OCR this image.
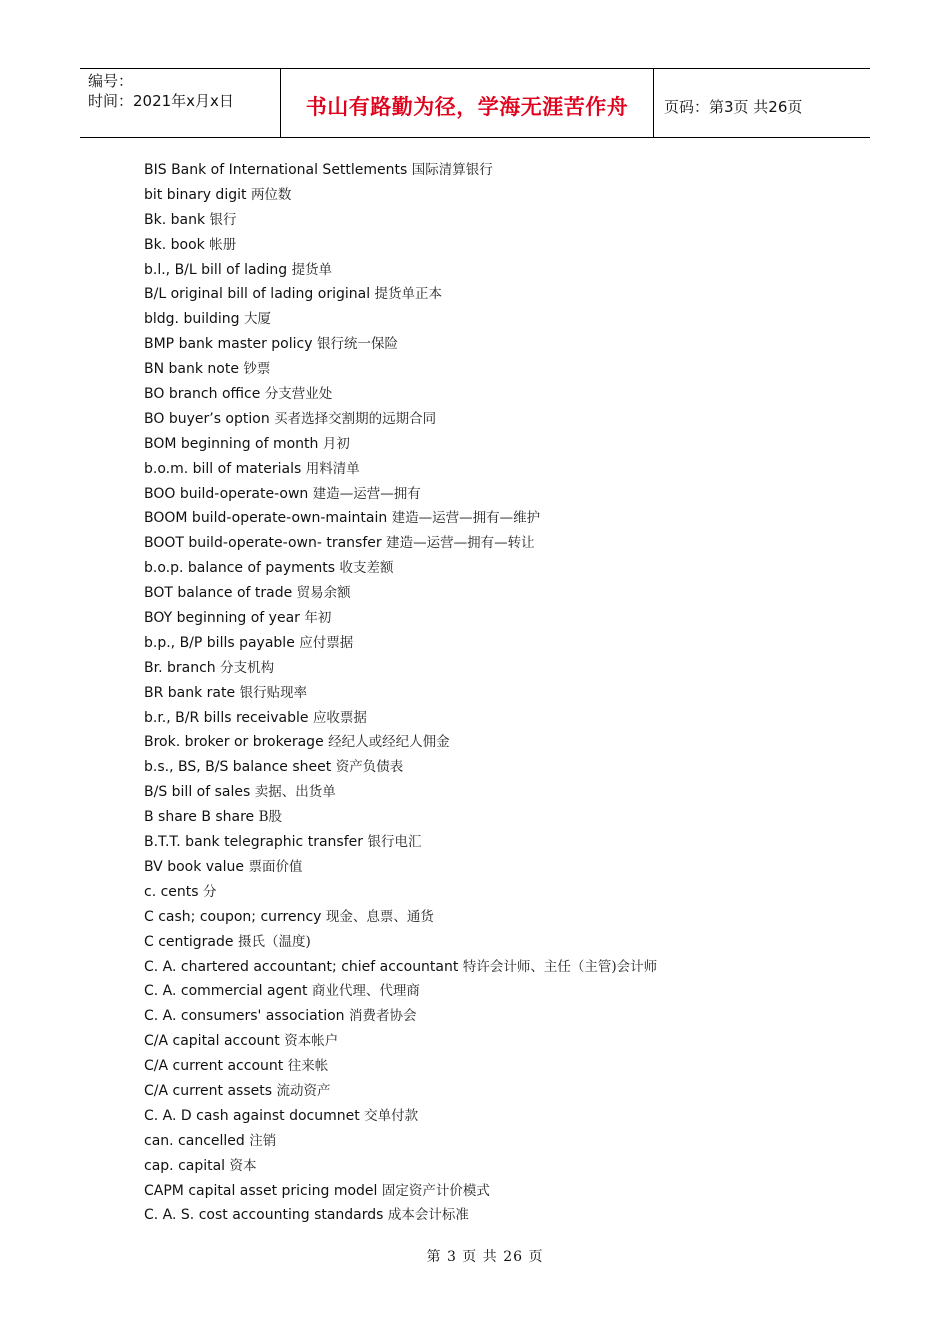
编号：
时间：2021年x月x日	书山有路勤为径，学海无涯苦作舟 页码：第3页 共26页
BIS Bank of International Settlements 国际清算银行
bit binary digit 两位数
Bk. bank 银行
Bk. book 帐册
b.l., B/L bill of lading 提货单
B/L original bill of lading original 提货单正本
bldg. building 大厦
BMP bank master policy 银行统一保险
BN bank note 钞票
BO branch office 分支营业处
BO buyer’s option 买者选择交割期的远期合同
BOM beginning of month 月初
b.o.m. bill of materials 用料清单
BOO build-operate-own 建造—运营—拥有
BOOM build-operate-own-maintain 建造—运营—拥有—维护
BOOT build-operate-own- transfer 建造—运营—拥有—转让
b.o.p. balance of payments 收支差额
BOT balance of trade 贸易余额
BOY beginning of year 年初
b.p., B/P bills payable 应付票据
Br. branch 分支机构
BR bank rate 银行贴现率
b.r., B/R bills receivable 应收票据
Brok. broker or brokerage 经纪人或经纪人佣金
b.s., BS, B/S balance sheet 资产负债表
B/S bill of sales 卖据、出货单
B share B share B股
B.T.T. bank telegraphic transfer 银行电汇
BV book value 票面价值
c. cents 分
C cash; coupon; currency 现金、息票、通货
C centigrade 摄氏（温度)
C. A. chartered accountant; chief accountant 特许会计师、主任（主管)会计师
C. A. commercial agent 商业代理、代理商
C. A. consumers' association 消费者协会
C/A capital account 资本帐户
C/A current account 往来帐
C/A current assets 流动资产
C. A. D cash against documnet 交单付款
can. cancelled 注销
cap. capital 资本
CAPM capital asset pricing model 固定资产计价模式
C. A. S. cost accounting standards 成本会计标准
第 3 页 共 26 页
